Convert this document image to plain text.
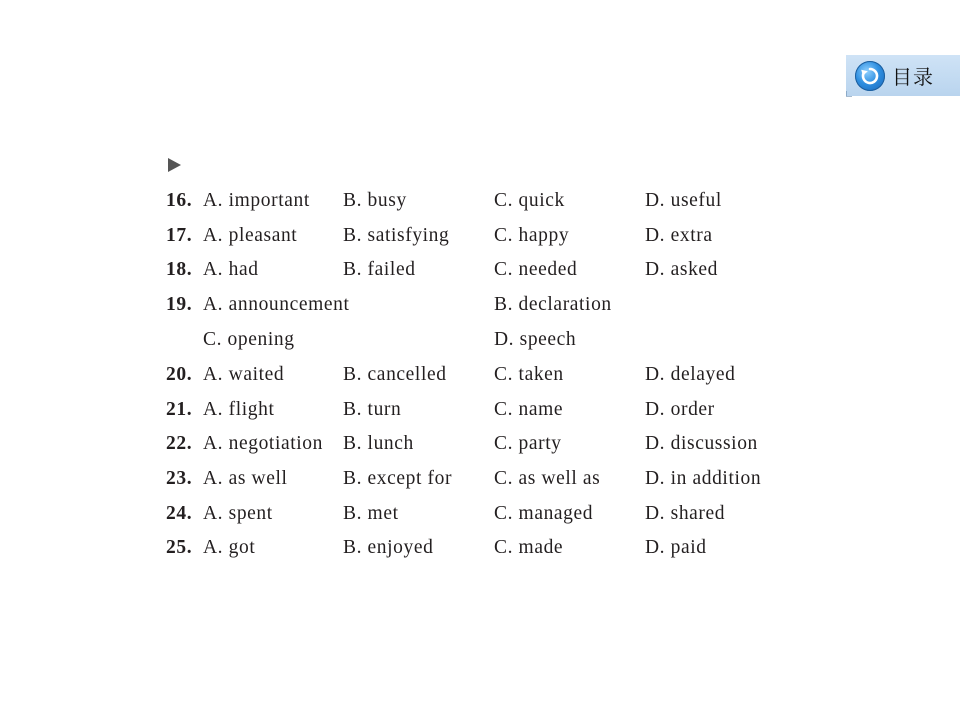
目录
16. A. important B. busy	C. quick	D. useful
17. A. pleasant B. satisfying C. happy	D. extra
18. A. had	B. failed	C. needed	D. asked
19. A. announcement	B. declaration
C. opening	D. speech
20. A. waited	B. cancelled C. taken	D. delayed
21. A. flight	B. turn	C. name	D. order
22. A. negotiation B. lunch	C. party	D. discussion
23. A. as well	B. except for C. as well as D. in addition
24. A. spent	B. met	C. managed	D. shared
25. A. got	B. enjoyed	C. made	D. paid
